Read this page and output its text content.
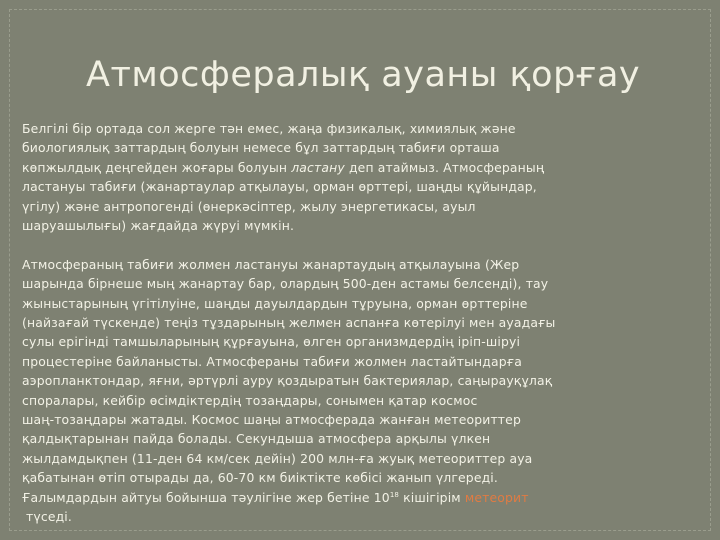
Атмосфералық ауаны қорғау

Белгілі бір ортада сол жерге тән емес, жаңа физикалық, химиялық және
биологиялық заттардың болуын немесе бұл заттардың табиғи орташа
көпжылдық деңгейден жоғары болуын ластану деп атаймыз. Атмосфераның
ластануы табиғи (жанартаулар атқылауы, орман өрттері, шаңды құйындар,
үгілу) және антропогенді (өнеркәсіптер, жылу энергетикасы, ауыл
шаруашылығы) жағдайда жүруі мүмкін.

Атмосфераның табиғи жолмен ластануы жанартаудың атқылауына (Жер
шарында бірнеше мың жанартау бар, олардың 500-ден астамы белсенді), тау
жыныстарының үгітілуіне, шаңды дауылдардын тұруына, орман өрттеріне
(найзағай түскенде) теңіз тұздарының желмен аспанға көтерілуі мен ауадағы
сулы ерігінді тамшыларының құрғауына, өлген организмдердің іріп-шіруі
процестеріне байланысты. Атмосфераны табиғи жолмен ластайтындарға
аэропланктондар, яғни, әртүрлі ауру қоздыратын бактериялар, саңырауқұлақ
споралары, кейбір өсімдіктердің тозаңдары, сонымен қатар космос
шаң-тозаңдары жатады. Космос шаңы атмосферада жанған метеориттер
қалдықтарынан пайда болады. Секундыша атмосфера арқылы үлкен
жылдамдықпен (11-ден 64 км/сек дейін) 200 млн-ға жуық метеориттер ауа
қабатынан өтіп отырады да, 60-70 км биіктікте көбісі жанып үлгереді.
Ғалымдардын айтуы бойынша тәулігіне жер бетіне $10^{18}$ кішігірім метеорит
түседі.
